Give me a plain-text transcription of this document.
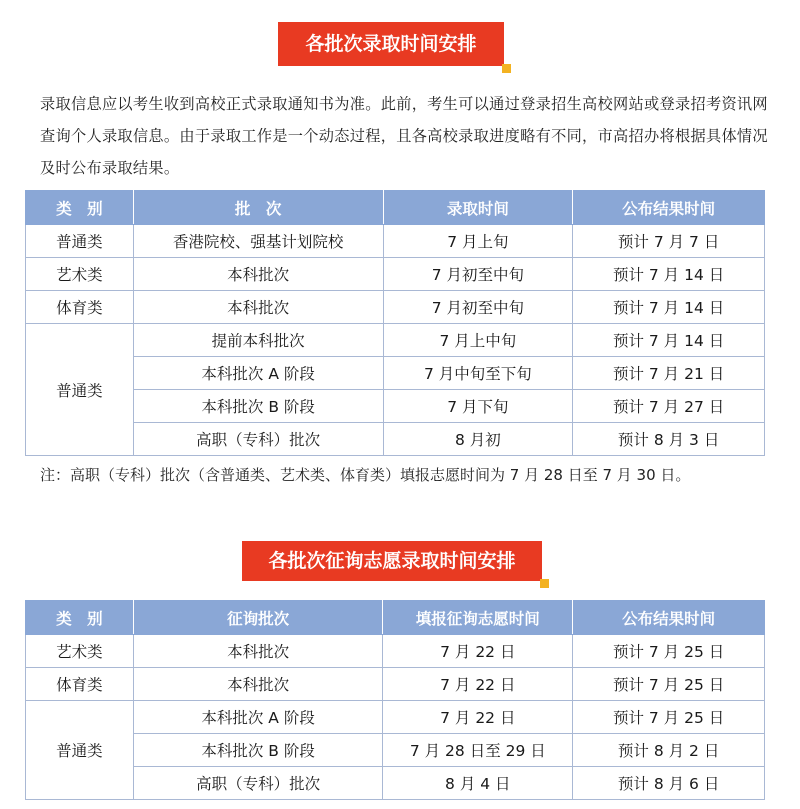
各批次录取时间安排
录取信息应以考生收到高校正式录取通知书为准。此前，考生可以通过登录招生高校网站或登录招考资讯网查询个人录取信息。由于录取工作是一个动态过程，且各高校录取进度略有不同，市高招办将根据具体情况及时公布录取结果。
类　别	批　次	录取时间	公布结果时间
普通类	香港院校、强基计划院校	7 月上旬	预计 7 月 7 日
艺术类	本科批次	7 月初至中旬	预计 7 月 14 日
体育类	本科批次	7 月初至中旬	预计 7 月 14 日
普通类	提前本科批次	7 月上中旬	预计 7 月 14 日
	本科批次 A 阶段	7 月中旬至下旬	预计 7 月 21 日
	本科批次 B 阶段	7 月下旬	预计 7 月 27 日
	高职（专科）批次	8 月初	预计 8 月 3 日
注：高职（专科）批次（含普通类、艺术类、体育类）填报志愿时间为 7 月 28 日至 7 月 30 日。
各批次征询志愿录取时间安排
类　别	征询批次	填报征询志愿时间	公布结果时间
艺术类	本科批次	7 月 22 日	预计 7 月 25 日
体育类	本科批次	7 月 22 日	预计 7 月 25 日
普通类	本科批次 A 阶段	7 月 22 日	预计 7 月 25 日
	本科批次 B 阶段	7 月 28 日至 29 日	预计 8 月 2 日
	高职（专科）批次	8 月 4 日	预计 8 月 6 日
